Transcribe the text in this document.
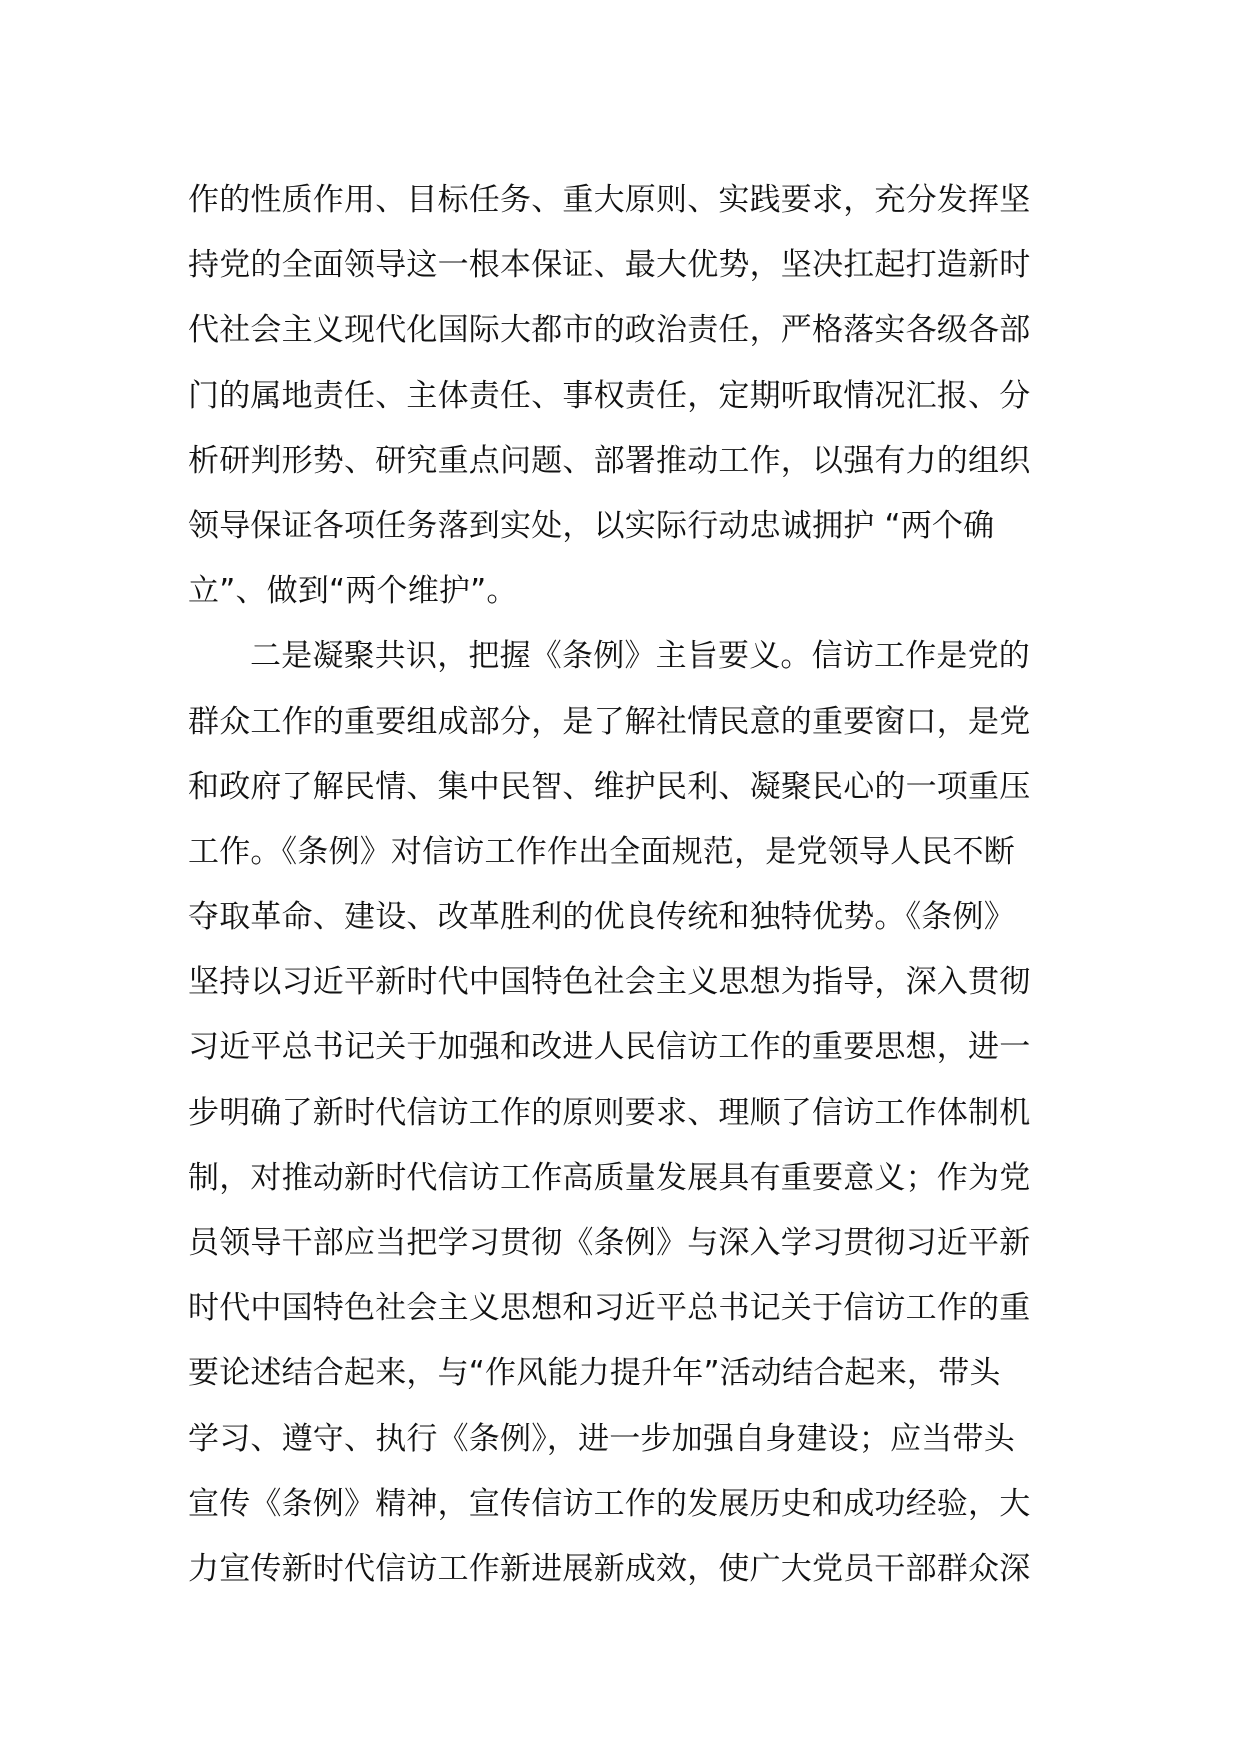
作的性质作用、目标任务、重大原则、实践要求，充分发挥坚
持党的全面领导这一根本保证、最大优势，坚决扛起打造新时
代社会主义现代化国际大都市的政治责任，严格落实各级各部
门的属地责任、主体责任、事权责任，定期听取情况汇报、分
析研判形势、研究重点问题、部署推动工作，以强有力的组织
领导保证各项任务落到实处，以实际行动忠诚拥护 “两个确
立”、做到“两个维护”。
二是凝聚共识，把握《条例》主旨要义。信访工作是党的
群众工作的重要组成部分，是了解社情民意的重要窗口，是党
和政府了解民情、集中民智、维护民利、凝聚民心的一项重压
工作。《条例》对信访工作作出全面规范，是党领导人民不断
夺取革命、建设、改革胜利的优良传统和独特优势。《条例》
坚持以习近平新时代中国特色社会主义思想为指导，深入贯彻
习近平总书记关于加强和改进人民信访工作的重要思想，进一
步明确了新时代信访工作的原则要求、理顺了信访工作体制机
制，对推动新时代信访工作高质量发展具有重要意义；作为党
员领导干部应当把学习贯彻《条例》与深入学习贯彻习近平新
时代中国特色社会主义思想和习近平总书记关于信访工作的重
要论述结合起来，与“作风能力提升年”活动结合起来，带头
学习、遵守、执行《条例》，进一步加强自身建设；应当带头
宣传《条例》精神，宣传信访工作的发展历史和成功经验，大
力宣传新时代信访工作新进展新成效，使广大党员干部群众深
